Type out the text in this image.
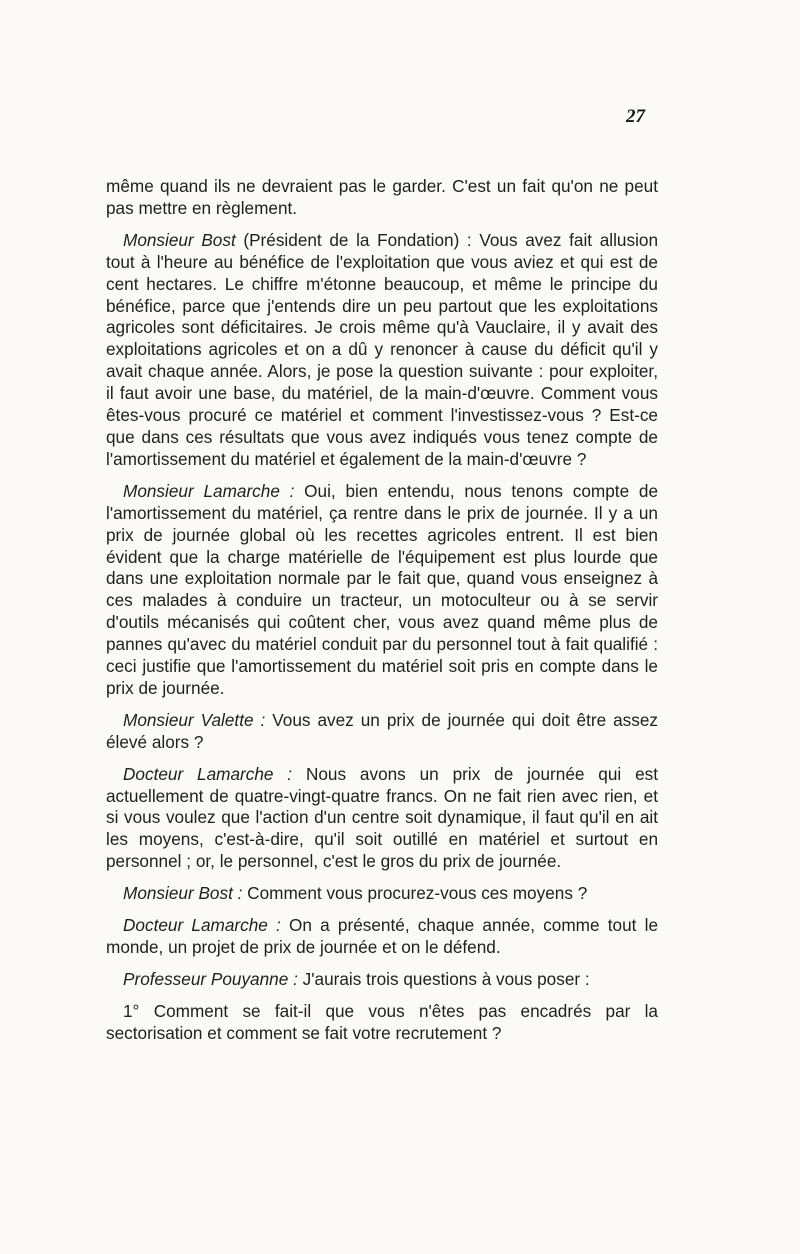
27

même quand ils ne devraient pas le garder. C'est un fait qu'on ne peut pas mettre en règlement.

Monsieur Bost (Président de la Fondation) : Vous avez fait allusion tout à l'heure au bénéfice de l'exploitation que vous aviez et qui est de cent hectares. Le chiffre m'étonne beaucoup, et même le principe du bénéfice, parce que j'entends dire un peu partout que les exploitations agricoles sont déficitaires. Je crois même qu'à Vauclaire, il y avait des exploitations agricoles et on a dû y renoncer à cause du déficit qu'il y avait chaque année. Alors, je pose la question suivante : pour exploiter, il faut avoir une base, du matériel, de la main-d'œuvre. Comment vous êtes-vous procuré ce matériel et comment l'investissez-vous ? Est-ce que dans ces résultats que vous avez indiqués vous tenez compte de l'amortissement du matériel et également de la main-d'œuvre ?

Monsieur Lamarche : Oui, bien entendu, nous tenons compte de l'amortissement du matériel, ça rentre dans le prix de journée. Il y a un prix de journée global où les recettes agricoles entrent. Il est bien évident que la charge matérielle de l'équipement est plus lourde que dans une exploitation normale par le fait que, quand vous enseignez à ces malades à conduire un tracteur, un motoculteur ou à se servir d'outils mécanisés qui coûtent cher, vous avez quand même plus de pannes qu'avec du matériel conduit par du personnel tout à fait qualifié : ceci justifie que l'amortissement du matériel soit pris en compte dans le prix de journée.

Monsieur Valette : Vous avez un prix de journée qui doit être assez élevé alors ?

Docteur Lamarche : Nous avons un prix de journée qui est actuellement de quatre-vingt-quatre francs. On ne fait rien avec rien, et si vous voulez que l'action d'un centre soit dynamique, il faut qu'il en ait les moyens, c'est-à-dire, qu'il soit outillé en matériel et surtout en personnel ; or, le personnel, c'est le gros du prix de journée.

Monsieur Bost : Comment vous procurez-vous ces moyens ?

Docteur Lamarche : On a présenté, chaque année, comme tout le monde, un projet de prix de journée et on le défend.

Professeur Pouyanne : J'aurais trois questions à vous poser :

1° Comment se fait-il que vous n'êtes pas encadrés par la sectorisation et comment se fait votre recrutement ?
